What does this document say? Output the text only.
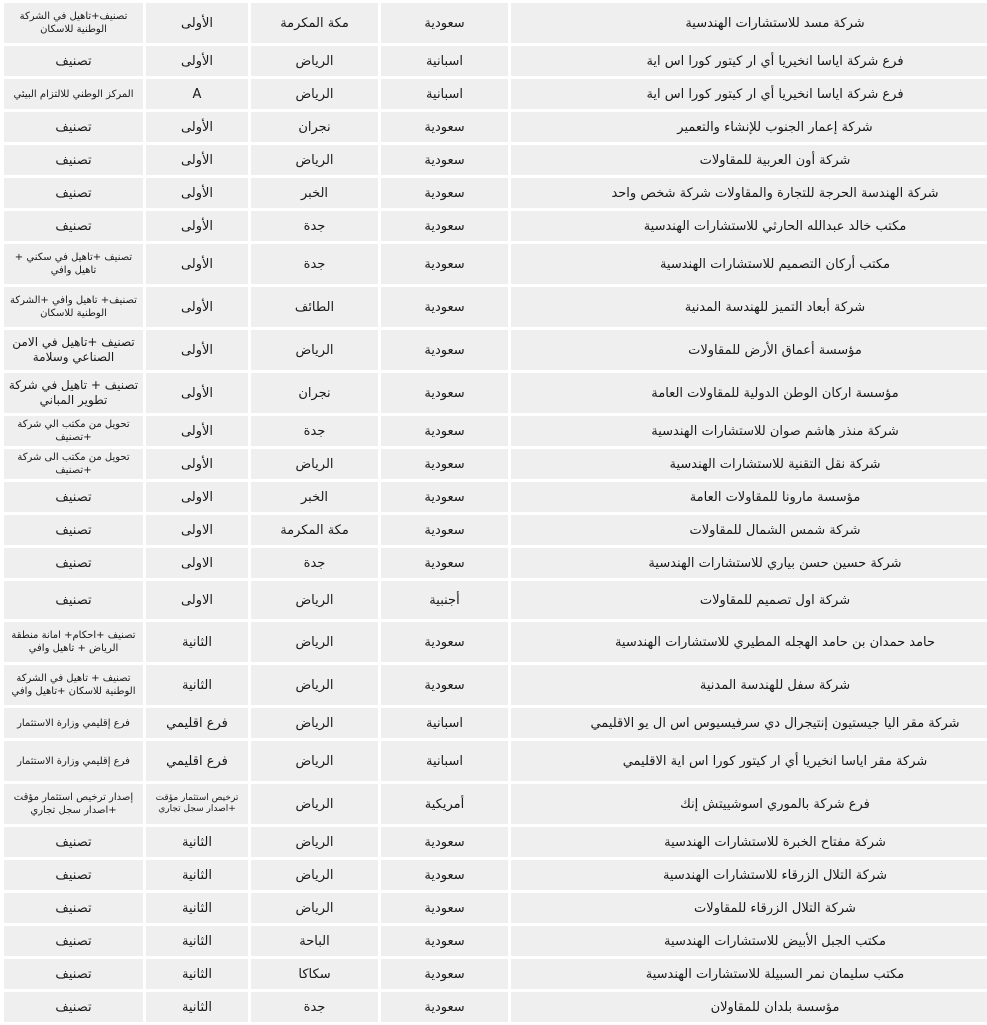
شركة مسد للاستشارات الهندسية	سعودية	مكة المكرمة	الأولى	تصنيف+تاهيل في الشركة الوطنية للاسكان
فرع شركة اياسا انخيريا أي ار كيتور كورا اس اية	اسبانية	الرياض	الأولى	تصنيف
فرع شركة اياسا انخيريا أي ار كيتور كورا اس اية	اسبانية	الرياض	A	المركز الوطني للالتزام البيئي
شركة إعمار الجنوب للإنشاء والتعمير	سعودية	نجران	الأولى	تصنيف
شركة أون العربية للمقاولات	سعودية	الرياض	الأولى	تصنيف
شركة الهندسة الحرجة للتجارة والمقاولات شركة شخص واحد	سعودية	الخبر	الأولى	تصنيف
مكتب خالد عبدالله الحارثي للاستشارات الهندسية	سعودية	جدة	الأولى	تصنيف
مكتب أركان التصميم للاستشارات الهندسية	سعودية	جدة	الأولى	تصنيف +تاهيل في سكني + تاهيل وافي
شركة أبعاد التميز للهندسة المدنية	سعودية	الطائف	الأولى	تصنيف+ تاهيل وافي +الشركة الوطنية للاسكان
مؤسسة أعماق الأرض للمقاولات	سعودية	الرياض	الأولى	تصنيف +تاهيل في الامن الصناعي وسلامة
مؤسسة اركان الوطن الدولية للمقاولات العامة	سعودية	نجران	الأولى	تصنيف + تاهيل في شركة تطوير المباني
شركة منذر هاشم صوان للاستشارات الهندسية	سعودية	جدة	الأولى	تحويل من مكتب الي شركة +تصنيف
شركة نقل التقنية للاستشارات الهندسية	سعودية	الرياض	الأولى	تحويل من مكتب الى شركة +تصنيف
مؤسسة مارونا للمقاولات العامة	سعودية	الخبر	الاولى	تصنيف
شركة شمس الشمال للمقاولات	سعودية	مكة المكرمة	الاولى	تصنيف
شركة حسين حسن بياري للاستشارات الهندسية	سعودية	جدة	الاولى	تصنيف
شركة اول تصميم للمقاولات	أجنبية	الرياض	الاولى	تصنيف
حامد حمدان بن حامد الهجله المطيري للاستشارات الهندسية	سعودية	الرياض	الثانية	تصنيف +احكام+ امانة منطقة الرياض + تاهيل وافي
شركة سفل للهندسة المدنية	سعودية	الرياض	الثانية	تصنيف + تاهيل في الشركة الوطنية للاسكان +تاهيل وافي
شركة مقر اليا جيستيون إنتيجرال دي سرفيسيوس اس ال يو الاقليمي	اسبانية	الرياض	فرع اقليمي	فرع إقليمي وزارة الاستثمار
شركة مقر اياسا انخيريا أي ار كيتور كورا اس اية الاقليمي	اسبانية	الرياض	فرع اقليمي	فرع إقليمي وزارة الاستثمار
فرع شركة بالموري اسوشييتش إنك	أمريكية	الرياض	ترخيص استثمار مؤقت +اصدار سجل تجاري	إصدار ترخيص استثمار مؤقت +اصدار سجل تجاري
شركة مفتاح الخبرة للاستشارات الهندسية	سعودية	الرياض	الثانية	تصنيف
شركة التلال الزرقاء للاستشارات الهندسية	سعودية	الرياض	الثانية	تصنيف
شركة التلال الزرقاء للمقاولات	سعودية	الرياض	الثانية	تصنيف
مكتب الجبل الأبيض للاستشارات الهندسية	سعودية	الباحة	الثانية	تصنيف
مكتب سليمان نمر السبيلة للاستشارات الهندسية	سعودية	سكاكا	الثانية	تصنيف
مؤسسة بلدان للمقاولان	سعودية	جدة	الثانية	تصنيف
